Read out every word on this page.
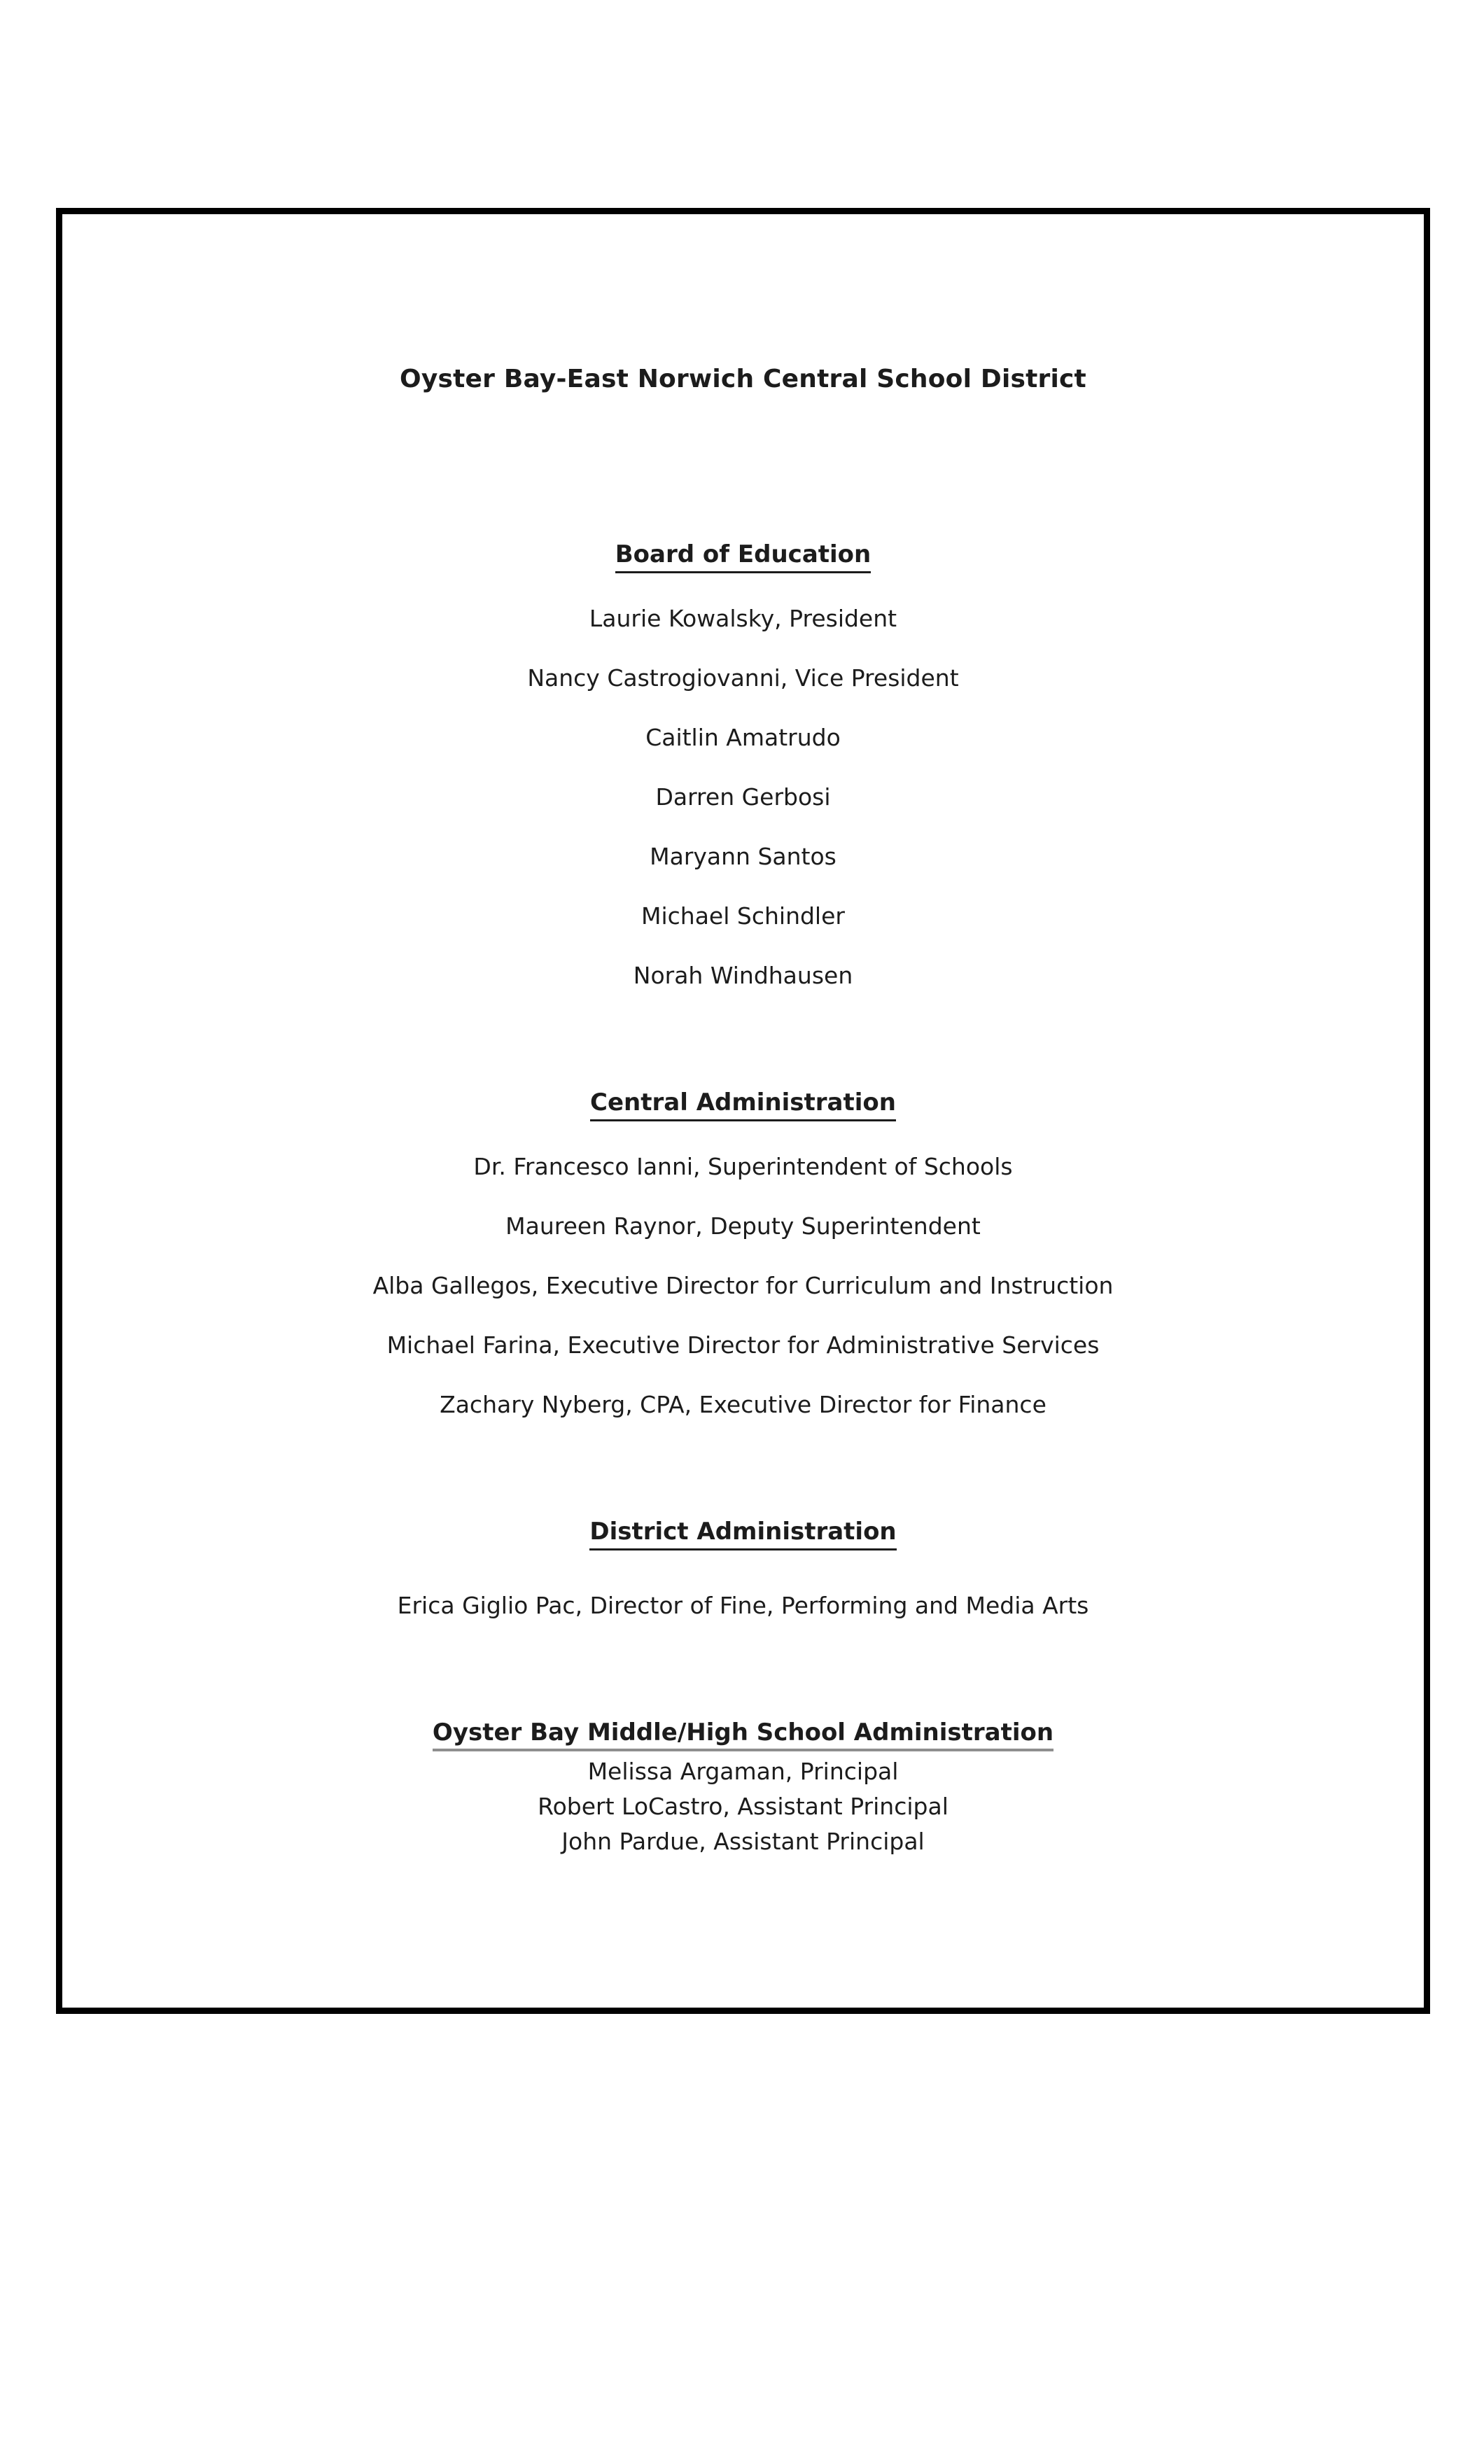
Oyster Bay-East Norwich Central School District
Board of Education
Laurie Kowalsky, President
Nancy Castrogiovanni, Vice President
Caitlin Amatrudo
Darren Gerbosi
Maryann Santos
Michael Schindler
Norah Windhausen
Central Administration
Dr. Francesco Ianni, Superintendent of Schools
Maureen Raynor, Deputy Superintendent
Alba Gallegos, Executive Director for Curriculum and Instruction
Michael Farina, Executive Director for Administrative Services
Zachary Nyberg, CPA, Executive Director for Finance
District Administration
Erica Giglio Pac, Director of Fine, Performing and Media Arts
Oyster Bay Middle/High School Administration
Melissa Argaman, Principal
Robert LoCastro, Assistant Principal
John Pardue, Assistant Principal
